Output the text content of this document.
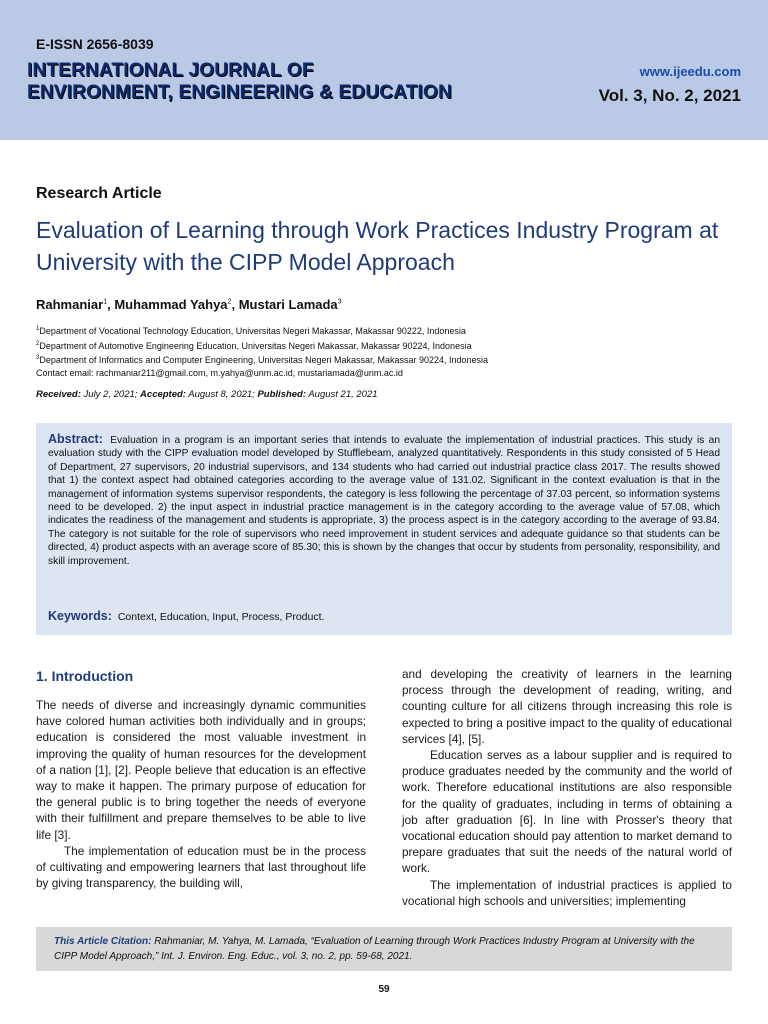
E-ISSN 2656-8039
INTERNATIONAL JOURNAL OF
ENVIRONMENT, ENGINEERING & EDUCATION
www.ijeedu.com
Vol. 3, No. 2, 2021
Research Article
Evaluation of Learning through Work Practices Industry Program at University with the CIPP Model Approach
Rahmaniar$^1$, Muhammad Yahya$^2$, Mustari Lamada$^3$
$^1$Department of Vocational Technology Education, Universitas Negeri Makassar, Makassar 90222, Indonesia
$^2$Department of Automotive Engineering Education, Universitas Negeri Makassar, Makassar 90224, Indonesia
$^3$Department of Informatics and Computer Engineering, Universitas Negeri Makassar, Makassar 90224, Indonesia
Contact email: rachmaniar211@gmail.com, m.yahya@unm.ac.id, mustariamada@unm.ac.id
Received: July 2, 2021; Accepted: August 8, 2021; Published: August 21, 2021

Abstract: Evaluation in a program is an important series that intends to evaluate the implementation of industrial practices. This study is an evaluation study with the CIPP evaluation model developed by Stufflebeam, analyzed quantitatively. Respondents in this study consisted of 5 Head of Department, 27 supervisors, 20 industrial supervisors, and 134 students who had carried out industrial practice class 2017. The results showed that 1) the context aspect had obtained categories according to the average value of 131.02. Significant in the context evaluation is that in the management of information systems supervisor respondents, the category is less following the percentage of 37.03 percent, so information systems need to be developed. 2) the input aspect in industrial practice management is in the category according to the average value of 57.08, which indicates the readiness of the management and students is appropriate, 3) the process aspect is in the category according to the average of 93.84. The category is not suitable for the role of supervisors who need improvement in student services and adequate guidance so that students can be directed, 4) product aspects with an average score of 85.30; this is shown by the changes that occur by students from personality, responsibility, and skill improvement.

Keywords: Context, Education, Input, Process, Product.
1. Introduction

The needs of diverse and increasingly dynamic communities have colored human activities both individually and in groups; education is considered the most valuable investment in improving the quality of human resources for the development of a nation [1], [2]. People believe that education is an effective way to make it happen. The primary purpose of education for the general public is to bring together the needs of everyone with their fulfillment and prepare themselves to be able to live life [3].

The implementation of education must be in the process of cultivating and empowering learners that last throughout life by giving transparency, the building will,

and developing the creativity of learners in the learning process through the development of reading, writing, and counting culture for all citizens through increasing this role is expected to bring a positive impact to the quality of educational services [4], [5].

Education serves as a labour supplier and is required to produce graduates needed by the community and the world of work. Therefore educational institutions are also responsible for the quality of graduates, including in terms of obtaining a job after graduation [6]. In line with Prosser's theory that vocational education should pay attention to market demand to prepare graduates that suit the needs of the natural world of work.

The implementation of industrial practices is applied to vocational high schools and universities; implementing

This Article Citation: Rahmaniar, M. Yahya, M. Lamada, “Evaluation of Learning through Work Practices Industry Program at University with the CIPP Model Approach,” Int. J. Environ. Eng. Educ., vol. 3, no. 2, pp. 59-68, 2021.
59
